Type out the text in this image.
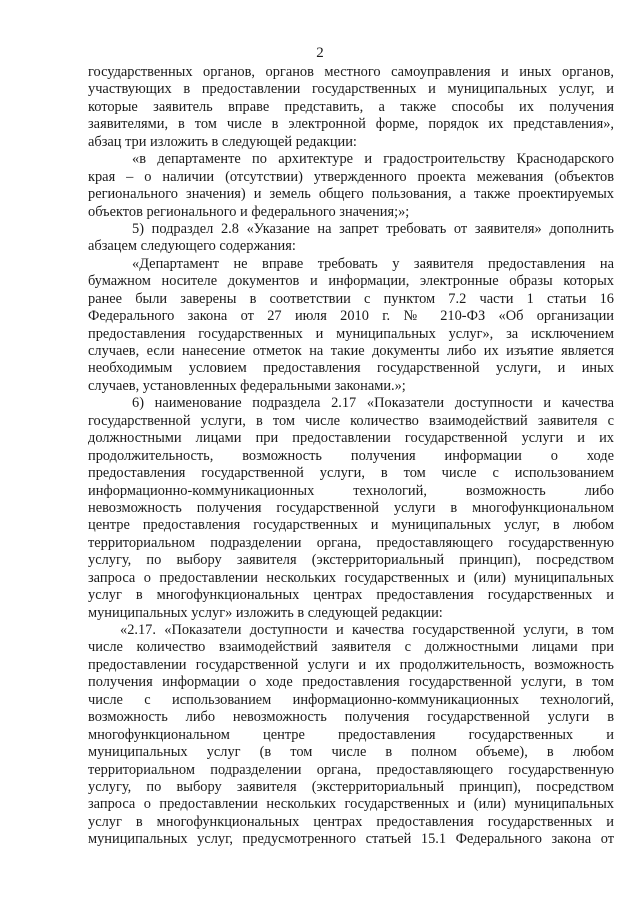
2
государственных органов, органов местного самоуправления и иных органов,
участвующих в предоставлении государственных и муниципальных услуг, и
которые заявитель вправе представить, а также способы их получения
заявителями, в том числе в электронной форме, порядок их представления»,
абзац три изложить в следующей редакции:
«в департаменте по архитектуре и градостроительству Краснодарского
края – о наличии (отсутствии) утвержденного проекта межевания (объектов
регионального значения) и земель общего пользования, а также проектируемых
объектов регионального и федерального значения;»;
5) подраздел 2.8 «Указание на запрет требовать от заявителя» дополнить
абзацем следующего содержания:
«Департамент не вправе требовать у заявителя предоставления на
бумажном носителе документов и информации, электронные образы которых
ранее были заверены в соответствии с пунктом 7.2 части 1 статьи 16
Федерального закона от 27 июля 2010 г. № 210-ФЗ «Об организации
предоставления государственных и муниципальных услуг», за исключением
случаев, если нанесение отметок на такие документы либо их изъятие является
необходимым условием предоставления государственной услуги, и иных
случаев, установленных федеральными законами.»;
6) наименование подраздела 2.17 «Показатели доступности и качества
государственной услуги, в том числе количество взаимодействий заявителя с
должностными лицами при предоставлении государственной услуги и их
продолжительность, возможность получения информации о ходе
предоставления государственной услуги, в том числе с использованием
информационно-коммуникационных технологий, возможность либо
невозможность получения государственной услуги в многофункциональном
центре предоставления государственных и муниципальных услуг, в любом
территориальном подразделении органа, предоставляющего государственную
услугу, по выбору заявителя (экстерриториальный принцип), посредством
запроса о предоставлении нескольких государственных и (или) муниципальных
услуг в многофункциональных центрах предоставления государственных и
муниципальных услуг» изложить в следующей редакции:
«2.17. «Показатели доступности и качества государственной услуги, в том
числе количество взаимодействий заявителя с должностными лицами при
предоставлении государственной услуги и их продолжительность, возможность
получения информации о ходе предоставления государственной услуги, в том
числе с использованием информационно-коммуникационных технологий,
возможность либо невозможность получения государственной услуги в
многофункциональном центре предоставления государственных и
муниципальных услуг (в том числе в полном объеме), в любом
территориальном подразделении органа, предоставляющего государственную
услугу, по выбору заявителя (экстерриториальный принцип), посредством
запроса о предоставлении нескольких государственных и (или) муниципальных
услуг в многофункциональных центрах предоставления государственных и
муниципальных услуг, предусмотренного статьей 15.1 Федерального закона от
